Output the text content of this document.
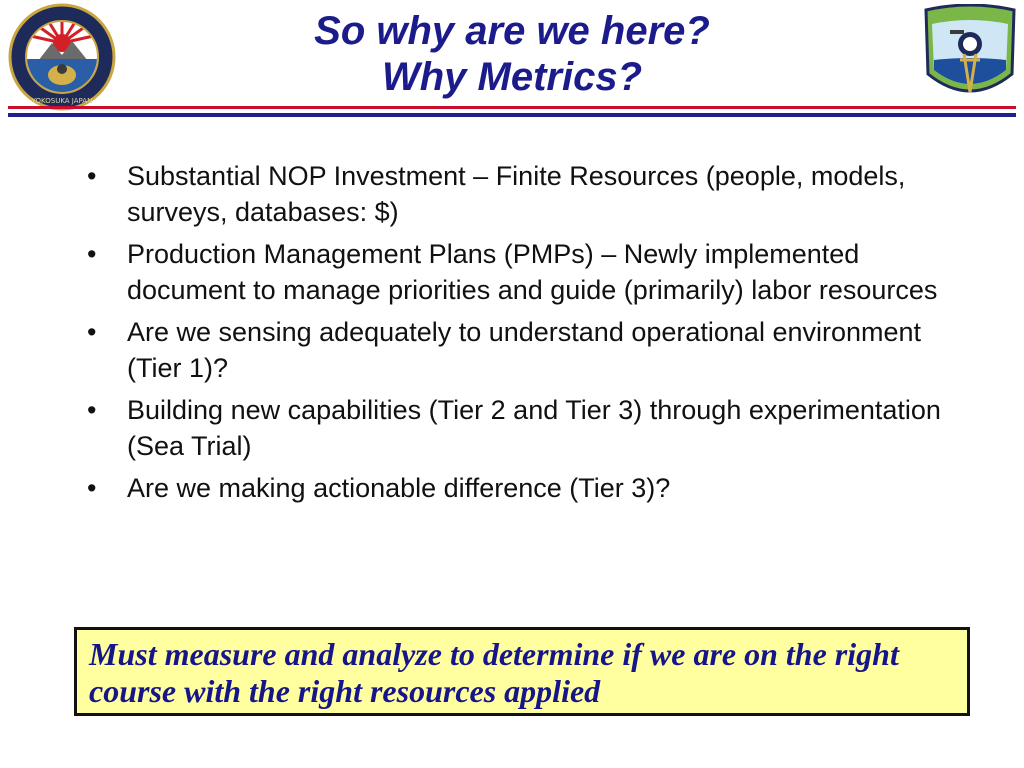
YOKOSUKA JAPAN
So why are we here?
Why Metrics?
• Substantial NOP Investment – Finite Resources (people, models, surveys, databases: $)
• Production Management Plans (PMPs) – Newly implemented document to manage priorities and guide (primarily) labor resources
• Are we sensing adequately to understand operational environment (Tier 1)?
• Building new capabilities (Tier 2 and Tier 3) through experimentation (Sea Trial)
• Are we making actionable difference (Tier 3)?
Must measure and analyze to determine if we are on the right course with the right resources applied
